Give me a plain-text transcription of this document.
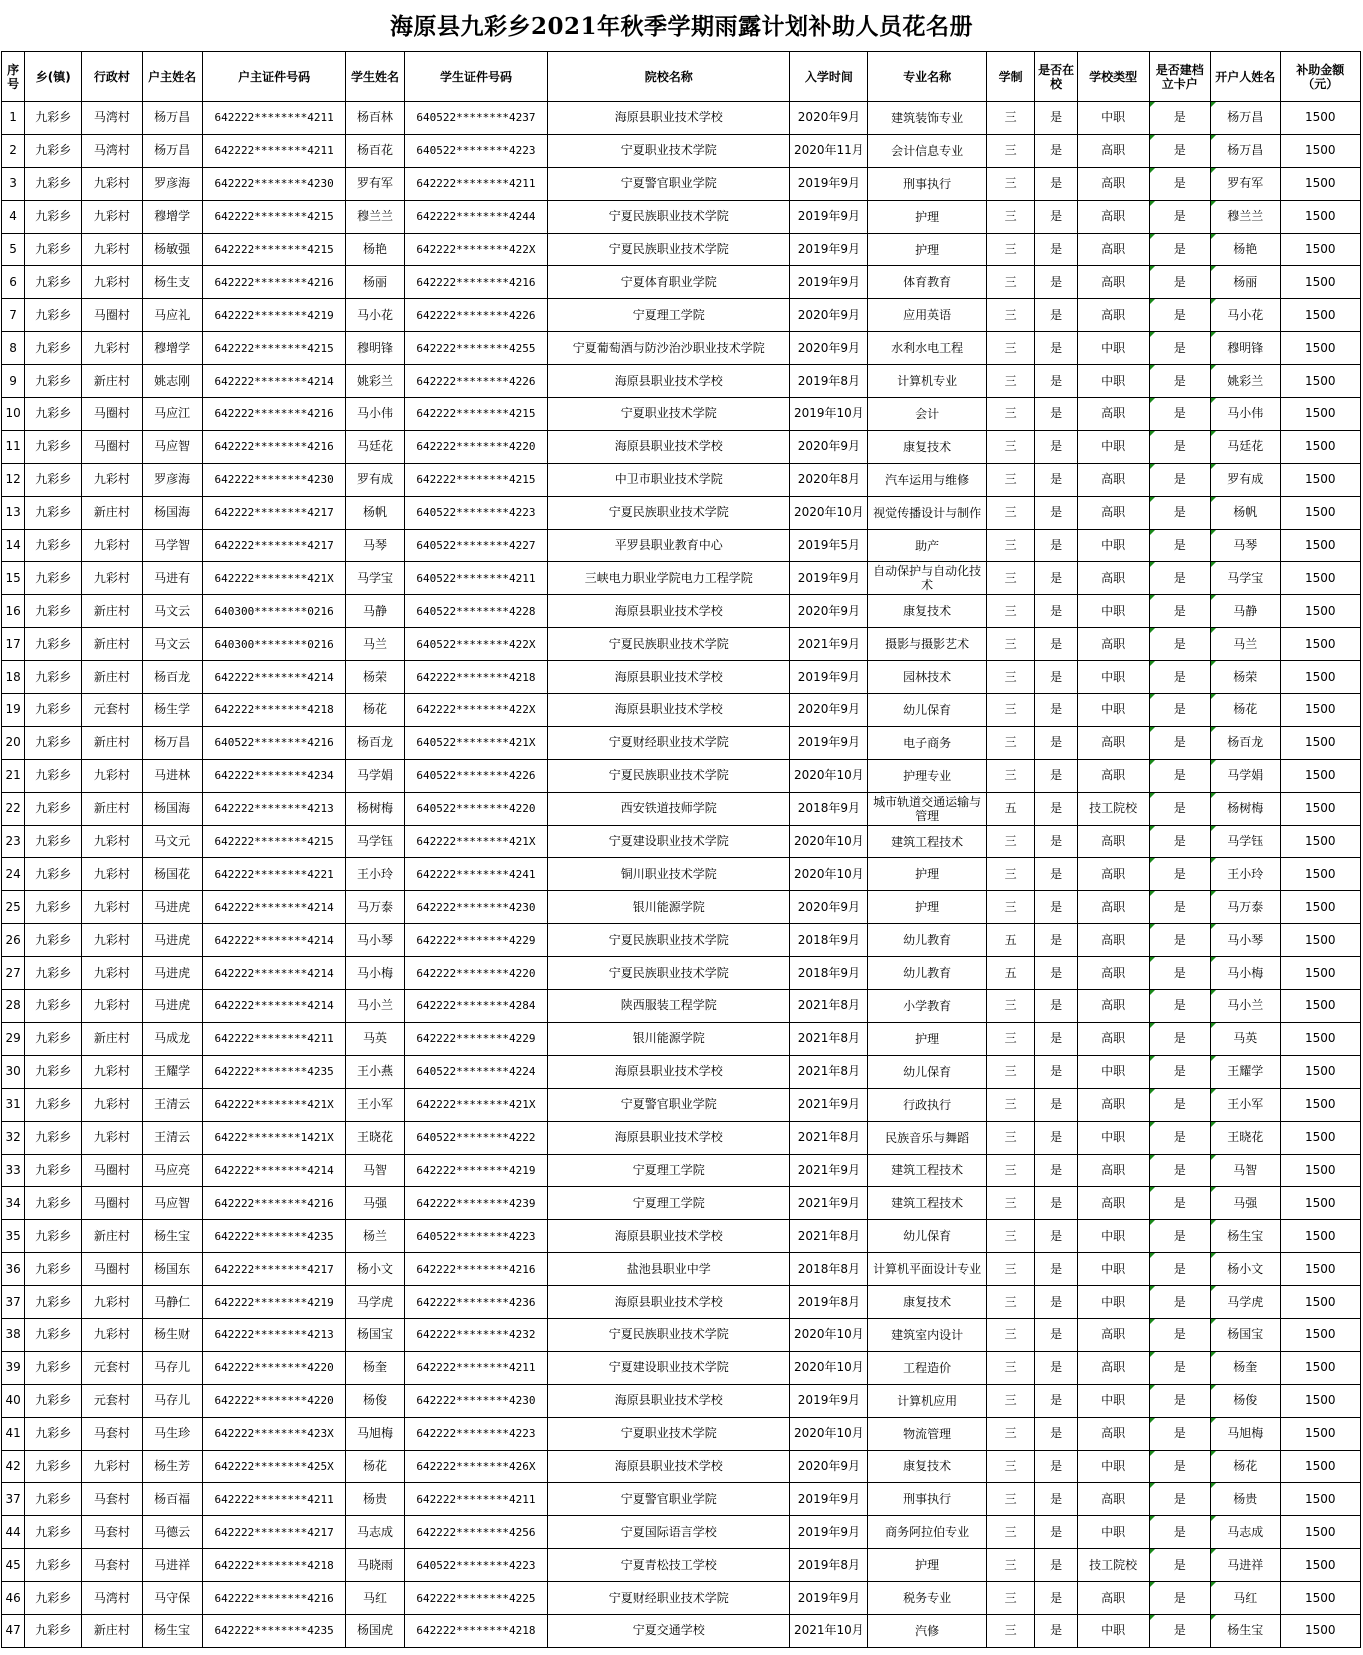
海原县九彩乡2021年秋季学期雨露计划补助人员花名册
序号	乡(镇)	行政村	户主姓名	户主证件号码	学生姓名	学生证件号码	院校名称	入学时间	专业名称	学制	是否在校	学校类型	是否建档立卡户	开户人姓名	补助金额（元）
1	九彩乡	马湾村	杨万昌	642222********4211	杨百林	640522********4237	海原县职业技术学校	2020年9月	建筑装饰专业	三	是	中职	是	杨万昌	1500
2	九彩乡	马湾村	杨万昌	642222********4211	杨百花	640522********4223	宁夏职业技术学院	2020年11月	会计信息专业	三	是	高职	是	杨万昌	1500
3	九彩乡	九彩村	罗彦海	642222********4230	罗有军	642222********4211	宁夏警官职业学院	2019年9月	刑事执行	三	是	高职	是	罗有军	1500
4	九彩乡	九彩村	穆增学	642222********4215	穆兰兰	642222********4244	宁夏民族职业技术学院	2019年9月	护理	三	是	高职	是	穆兰兰	1500
5	九彩乡	九彩村	杨敏强	642222********4215	杨艳	642222********422X	宁夏民族职业技术学院	2019年9月	护理	三	是	高职	是	杨艳	1500
6	九彩乡	九彩村	杨生支	642222********4216	杨丽	642222********4216	宁夏体育职业学院	2019年9月	体育教育	三	是	高职	是	杨丽	1500
7	九彩乡	马圈村	马应礼	642222********4219	马小花	642222********4226	宁夏理工学院	2020年9月	应用英语	三	是	高职	是	马小花	1500
8	九彩乡	九彩村	穆增学	642222********4215	穆明锋	642222********4255	宁夏葡萄酒与防沙治沙职业技术学院	2020年9月	水利水电工程	三	是	中职	是	穆明锋	1500
9	九彩乡	新庄村	姚志刚	642222********4214	姚彩兰	642222********4226	海原县职业技术学校	2019年8月	计算机专业	三	是	中职	是	姚彩兰	1500
10	九彩乡	马圈村	马应江	642222********4216	马小伟	642222********4215	宁夏职业技术学院	2019年10月	会计	三	是	高职	是	马小伟	1500
11	九彩乡	马圈村	马应智	642222********4216	马廷花	642222********4220	海原县职业技术学校	2020年9月	康复技术	三	是	中职	是	马廷花	1500
12	九彩乡	九彩村	罗彦海	642222********4230	罗有成	642222********4215	中卫市职业技术学院	2020年8月	汽车运用与维修	三	是	高职	是	罗有成	1500
13	九彩乡	新庄村	杨国海	642222********4217	杨帆	640522********4223	宁夏民族职业技术学院	2020年10月	视觉传播设计与制作	三	是	高职	是	杨帆	1500
14	九彩乡	九彩村	马学智	642222********4217	马琴	640522********4227	平罗县职业教育中心	2019年5月	助产	三	是	中职	是	马琴	1500
15	九彩乡	九彩村	马进有	642222********421X	马学宝	640522********4211	三峡电力职业学院电力工程学院	2019年9月	自动保护与自动化技术	三	是	高职	是	马学宝	1500
16	九彩乡	新庄村	马文云	640300********0216	马静	640522********4228	海原县职业技术学校	2020年9月	康复技术	三	是	中职	是	马静	1500
17	九彩乡	新庄村	马文云	640300********0216	马兰	640522********422X	宁夏民族职业技术学院	2021年9月	摄影与摄影艺术	三	是	高职	是	马兰	1500
18	九彩乡	新庄村	杨百龙	642222********4214	杨荣	642222********4218	海原县职业技术学校	2019年9月	园林技术	三	是	中职	是	杨荣	1500
19	九彩乡	元套村	杨生学	642222********4218	杨花	642222********422X	海原县职业技术学校	2020年9月	幼儿保育	三	是	中职	是	杨花	1500
20	九彩乡	新庄村	杨万昌	640522********4216	杨百龙	640522********421X	宁夏财经职业技术学院	2019年9月	电子商务	三	是	高职	是	杨百龙	1500
21	九彩乡	九彩村	马进林	642222********4234	马学娟	640522********4226	宁夏民族职业技术学院	2020年10月	护理专业	三	是	高职	是	马学娟	1500
22	九彩乡	新庄村	杨国海	642222********4213	杨树梅	640522********4220	西安铁道技师学院	2018年9月	城市轨道交通运输与管理	五	是	技工院校	是	杨树梅	1500
23	九彩乡	九彩村	马文元	642222********4215	马学钰	642222********421X	宁夏建设职业技术学院	2020年10月	建筑工程技术	三	是	高职	是	马学钰	1500
24	九彩乡	九彩村	杨国花	642222********4221	王小玲	642222********4241	铜川职业技术学院	2020年10月	护理	三	是	高职	是	王小玲	1500
25	九彩乡	九彩村	马进虎	642222********4214	马万泰	642222********4230	银川能源学院	2020年9月	护理	三	是	高职	是	马万泰	1500
26	九彩乡	九彩村	马进虎	642222********4214	马小琴	642222********4229	宁夏民族职业技术学院	2018年9月	幼儿教育	五	是	高职	是	马小琴	1500
27	九彩乡	九彩村	马进虎	642222********4214	马小梅	642222********4220	宁夏民族职业技术学院	2018年9月	幼儿教育	五	是	高职	是	马小梅	1500
28	九彩乡	九彩村	马进虎	642222********4214	马小兰	642222********4284	陕西服装工程学院	2021年8月	小学教育	三	是	高职	是	马小兰	1500
29	九彩乡	新庄村	马成龙	642222********4211	马英	642222********4229	银川能源学院	2021年8月	护理	三	是	高职	是	马英	1500
30	九彩乡	九彩村	王耀学	642222********4235	王小燕	640522********4224	海原县职业技术学校	2021年8月	幼儿保育	三	是	中职	是	王耀学	1500
31	九彩乡	九彩村	王清云	642222********421X	王小军	642222********421X	宁夏警官职业学院	2021年9月	行政执行	三	是	高职	是	王小军	1500
32	九彩乡	九彩村	王清云	64222********1421X	王晓花	640522********4222	海原县职业技术学校	2021年8月	民族音乐与舞蹈	三	是	中职	是	王晓花	1500
33	九彩乡	马圈村	马应亮	642222********4214	马智	642222********4219	宁夏理工学院	2021年9月	建筑工程技术	三	是	高职	是	马智	1500
34	九彩乡	马圈村	马应智	642222********4216	马强	642222********4239	宁夏理工学院	2021年9月	建筑工程技术	三	是	高职	是	马强	1500
35	九彩乡	新庄村	杨生宝	642222********4235	杨兰	640522********4223	海原县职业技术学校	2021年8月	幼儿保育	三	是	中职	是	杨生宝	1500
36	九彩乡	马圈村	杨国东	642222********4217	杨小文	642222********4216	盐池县职业中学	2018年8月	计算机平面设计专业	三	是	中职	是	杨小文	1500
37	九彩乡	九彩村	马静仁	642222********4219	马学虎	642222********4236	海原县职业技术学校	2019年8月	康复技术	三	是	中职	是	马学虎	1500
38	九彩乡	九彩村	杨生财	642222********4213	杨国宝	642222********4232	宁夏民族职业技术学院	2020年10月	建筑室内设计	三	是	高职	是	杨国宝	1500
39	九彩乡	元套村	马存儿	642222********4220	杨奎	642222********4211	宁夏建设职业技术学院	2020年10月	工程造价	三	是	高职	是	杨奎	1500
40	九彩乡	元套村	马存儿	642222********4220	杨俊	642222********4230	海原县职业技术学校	2019年9月	计算机应用	三	是	中职	是	杨俊	1500
41	九彩乡	马套村	马生珍	642222********423X	马旭梅	642222********4223	宁夏职业技术学院	2020年10月	物流管理	三	是	高职	是	马旭梅	1500
42	九彩乡	九彩村	杨生芳	642222********425X	杨花	642222********426X	海原县职业技术学校	2020年9月	康复技术	三	是	中职	是	杨花	1500
37	九彩乡	马套村	杨百福	642222********4211	杨贵	642222********4211	宁夏警官职业学院	2019年9月	刑事执行	三	是	高职	是	杨贵	1500
44	九彩乡	马套村	马德云	642222********4217	马志成	642222********4256	宁夏国际语言学校	2019年9月	商务阿拉伯专业	三	是	中职	是	马志成	1500
45	九彩乡	马套村	马进祥	642222********4218	马晓雨	640522********4223	宁夏青松技工学校	2019年8月	护理	三	是	技工院校	是	马进祥	1500
46	九彩乡	马湾村	马守保	642222********4216	马红	642222********4225	宁夏财经职业技术学院	2019年9月	税务专业	三	是	高职	是	马红	1500
47	九彩乡	新庄村	杨生宝	642222********4235	杨国虎	642222********4218	宁夏交通学校	2021年10月	汽修	三	是	中职	是	杨生宝	1500
